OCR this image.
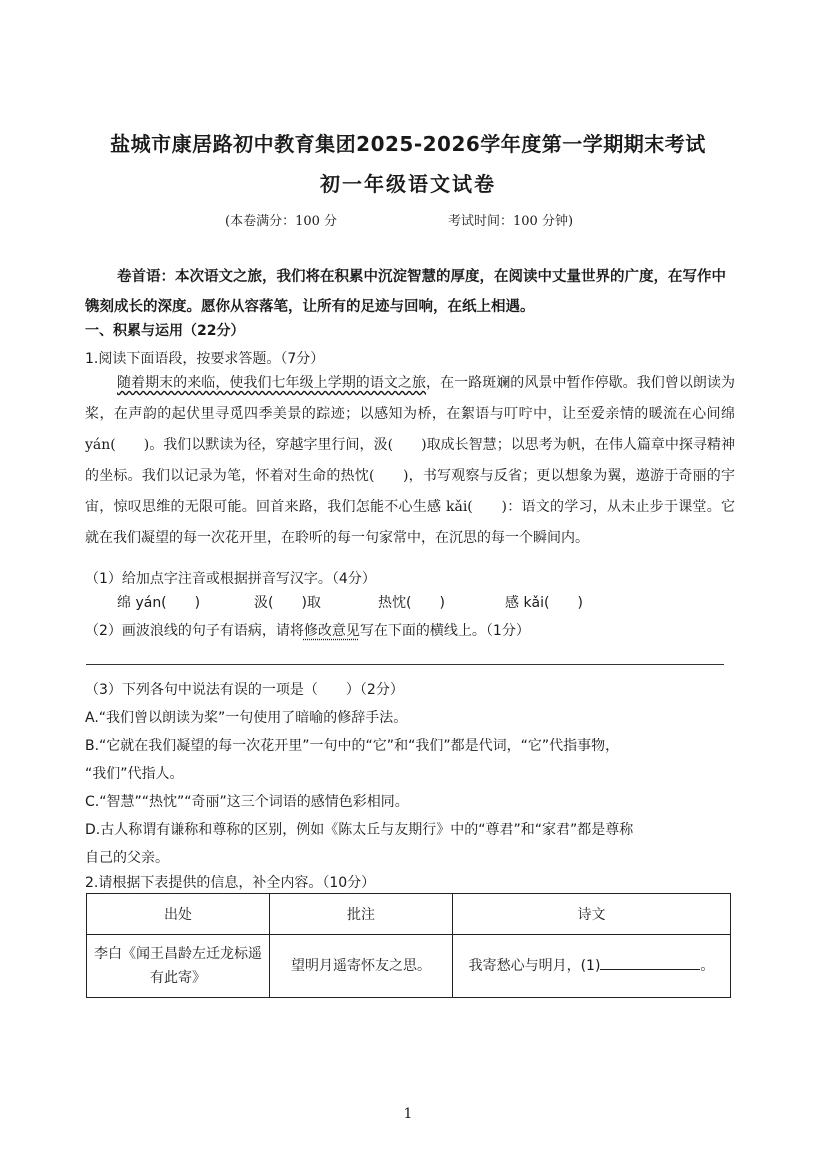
盐城市康居路初中教育集团2025-2026学年度第一学期期末考试
初一年级语文试卷
(本卷满分：100 分	考试时间：100 分钟)
卷首语：本次语文之旅，我们将在积累中沉淀智慧的厚度，在阅读中丈量世界的广度，在写作中镌刻成长的深度。愿你从容落笔，让所有的足迹与回响，在纸上相遇。
一、积累与运用（22分）
1.阅读下面语段，按要求答题。（7分）
随着期末的来临，使我们七年级上学期的语文之旅，在一路斑斓的风景中暂作停歇。我们曾以朗读为桨，在声韵的起伏里寻觅四季美景的踪迹；以感知为桥，在絮语与叮咛中，让至爱亲情的暖流在心间绵 yán(　　)。我们以默读为径，穿越字里行间，汲(　　)取成长智慧；以思考为帆，在伟人篇章中探寻精神的坐标。我们以记录为笔，怀着对生命的热忱(　　)，书写观察与反省；更以想象为翼，遨游于奇丽的宇宙，惊叹思维的无限可能。回首来路，我们怎能不心生感 kǎi(　　)：语文的学习，从未止步于课堂。它就在我们凝望的每一次花开里，在聆听的每一句家常中，在沉思的每一个瞬间内。
（1）给加点字注音或根据拼音写汉字。（4分）
绵 yán(　　)	汲(　　)取	热忱(　　)	感 kǎi(　　)
（2）画波浪线的句子有语病，请将修改意见写在下面的横线上。（1分）
（3）下列各句中说法有误的一项是（　　）（2分）
A.“我们曾以朗读为桨”一句使用了暗喻的修辞手法。
B.“它就在我们凝望的每一次花开里”一句中的“它”和“我们”都是代词，“它”代指事物，
“我们”代指人。
C.“智慧”“热忱”“奇丽”这三个词语的感情色彩相同。
D.古人称谓有谦称和尊称的区别，例如《陈太丘与友期行》中的“尊君”和“家君”都是尊称
自己的父亲。
2.请根据下表提供的信息，补全内容。（10分）
出处	批注	诗文
李白《闻王昌龄左迁龙标遥有此寄》	望明月遥寄怀友之思。	我寄愁心与明月，(1) 。
1
